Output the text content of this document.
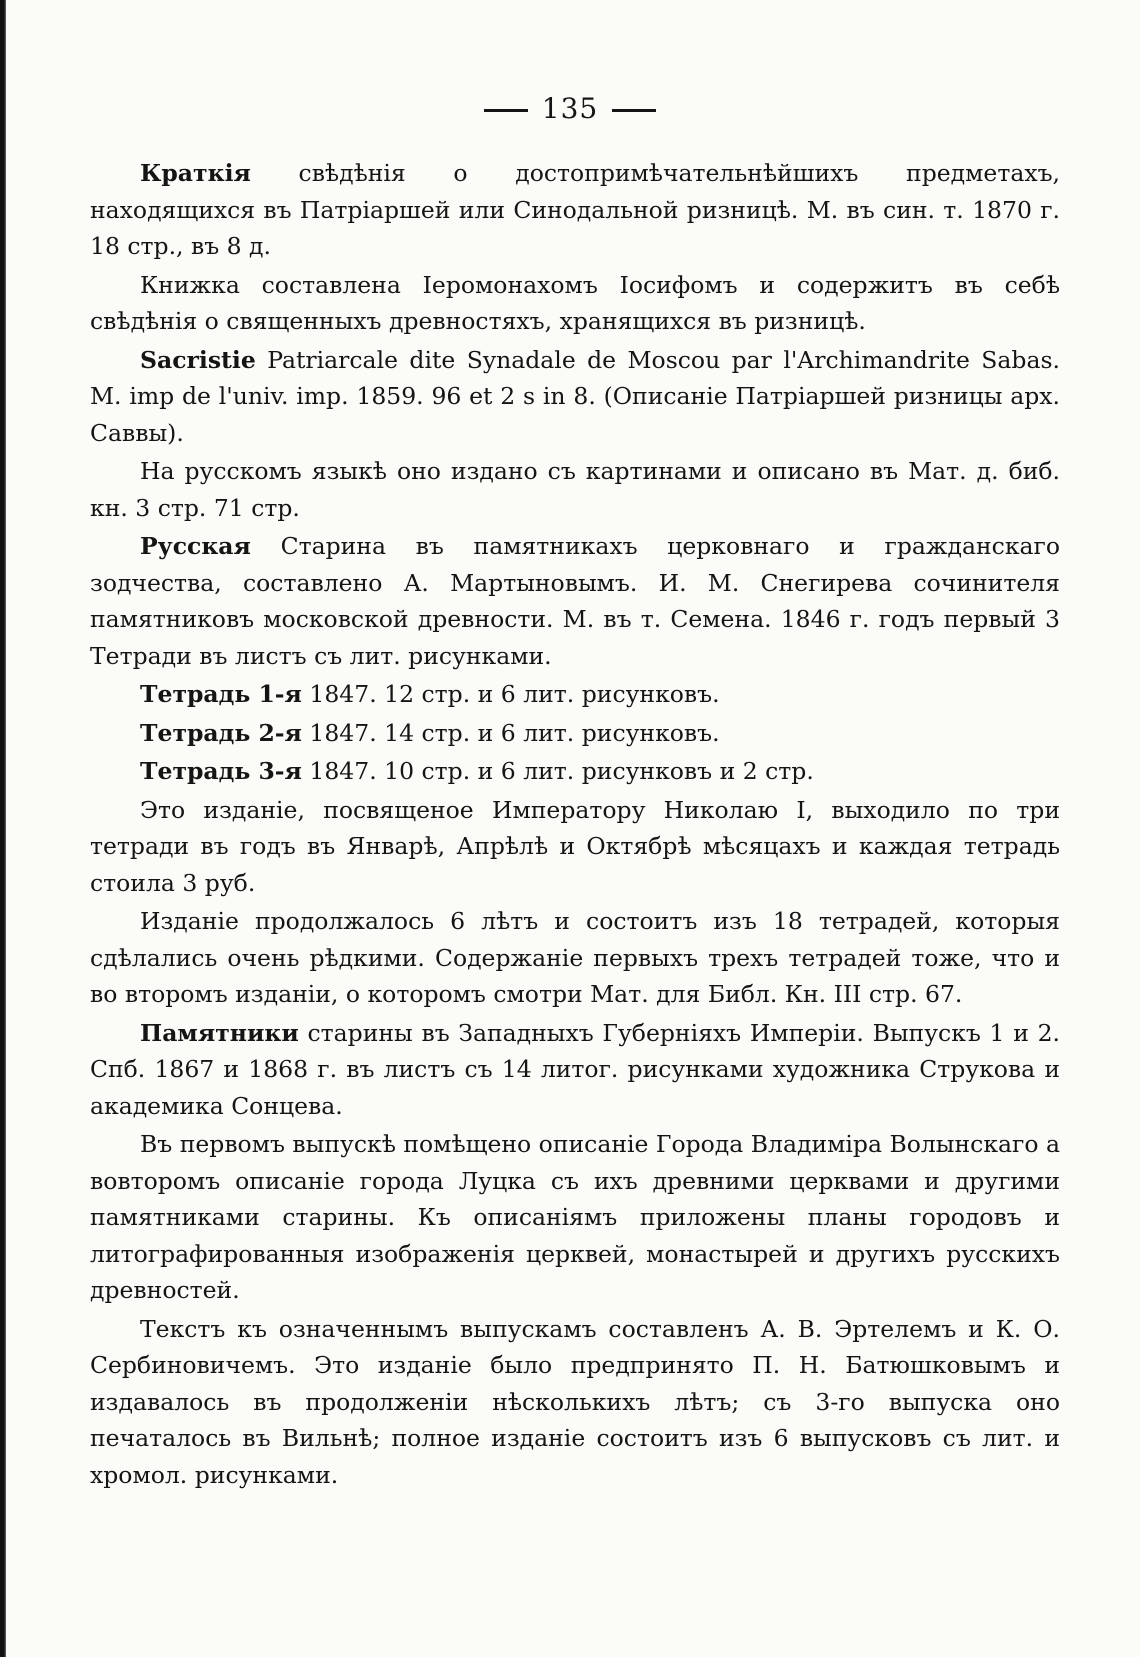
135

Краткія свѣдѣнія о достопримѣчательнѣйшихъ предметахъ, находящихся въ Патріаршей или Синодальной ризницѣ. М. въ син. т. 1870 г. 18 стр., въ 8 д.

Книжка составлена Іеромонахомъ Іосифомъ и содержитъ въ себѣ свѣдѣнія о священныхъ древностяхъ, хранящихся въ ризницѣ.

Sacristie Patriarcale dite Synadale de Moscou par l'Archimandrite Sabas. M. imp de l'univ. imp. 1859. 96 et 2 s in 8. (Описаніе Патріаршей ризницы арх. Саввы).

На русскомъ языкѣ оно издано съ картинами и описано въ Мат. д. биб. кн. 3 стр. 71 стр.

Русская Старина въ памятникахъ церковнаго и гражданскаго зодчества, составлено А. Мартыновымъ. И. М. Снегирева сочинителя памятниковъ московской древности. М. въ т. Семена. 1846 г. годъ первый 3 Тетради въ листъ съ лит. рисунками.

Тетрадь 1-я 1847. 12 стр. и 6 лит. рисунковъ.

Тетрадь 2-я 1847. 14 стр. и 6 лит. рисунковъ.

Тетрадь 3-я 1847. 10 стр. и 6 лит. рисунковъ и 2 стр.

Это изданіе, посвященое Императору Николаю I, выходило по три тетради въ годъ въ Январѣ, Апрѣлѣ и Октябрѣ мѣсяцахъ и каждая тетрадь стоила 3 руб.

Изданіе продолжалось 6 лѣтъ и состоитъ изъ 18 тетрадей, которыя сдѣлались очень рѣдкими. Содержаніе первыхъ трехъ тетрадей тоже, что и во второмъ изданіи, о которомъ смотри Мат. для Библ. Кн. III стр. 67.

Памятники старины въ Западныхъ Губерніяхъ Имперіи. Выпускъ 1 и 2. Спб. 1867 и 1868 г. въ листъ съ 14 литог. рисунками художника Струкова и академика Сонцева.

Въ первомъ выпускѣ помѣщено описаніе Города Владиміра Волынскаго а вовторомъ описаніе города Луцка съ ихъ древними церквами и другими памятниками старины. Къ описаніямъ приложены планы городовъ и литографированныя изображенія церквей, монастырей и другихъ русскихъ древностей.

Текстъ къ означеннымъ выпускамъ составленъ А. В. Эртелемъ и К. О. Сербиновичемъ. Это изданіе было предпринято П. Н. Батюшковымъ и издавалось въ продолженіи нѣсколькихъ лѣтъ; съ 3-го выпуска оно печаталось въ Вильнѣ; полное изданіе состоитъ изъ 6 выпусковъ съ лит. и хромол. рисунками.
